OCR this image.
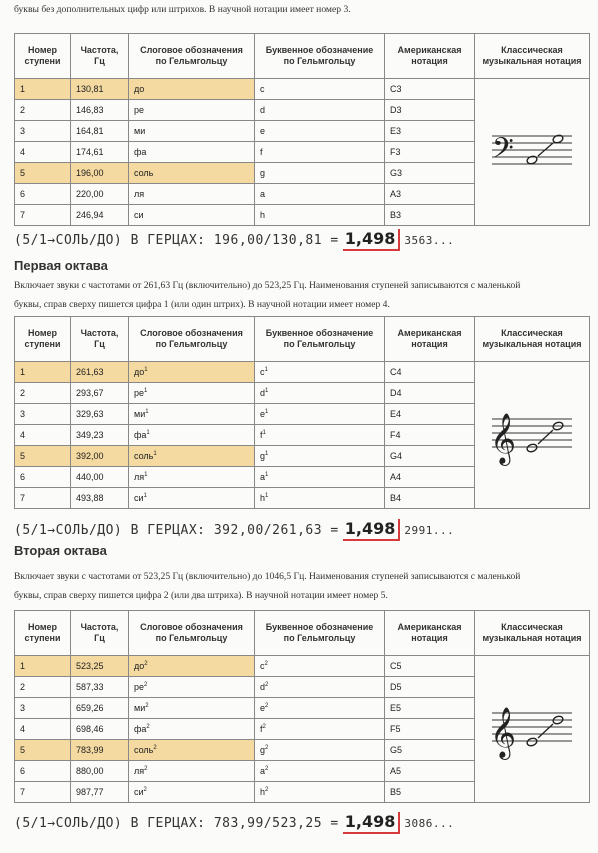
буквы без дополнительных цифр или штрихов. В научной нотации имеет номер 3.

Номер ступени	Частота, Гц	Слоговое обозначения по Гельмгольцу	Буквенное обозначение по Гельмгольцу	Американская нотация	Классическая музыкальная нотация
1	130,81	до	c	C3	𝄢

2	146,83	ре	d	D3	
3	164,81	ми	e	E3	
4	174,61	фа	f	F3	
5	196,00	соль	g	G3	
6	220,00	ля	a	A3	
7	246,94	си	h	B3	
(5/1→СОЛЬ/ДО) В ГЕРЦАХ: 196,00/130,81 = 1,498 3563...
Первая октава

Включает звуки с частотами от 261,63 Гц (включительно) до 523,25 Гц. Наименования ступеней записываются с маленькой

буквы, справ сверху пишется цифра 1 (или один штрих). В научной нотации имеет номер 4.

Номер ступени	Частота, Гц	Слоговое обозначения по Гельмгольцу	Буквенное обозначение по Гельмгольцу	Американская нотация	Классическая музыкальная нотация
1	261,63	$до^1$	$c^1$	C4	𝄞

2	293,67	$ре^1$	$d^1$	D4	
3	329,63	$ми^1$	$e^1$	E4	
4	349,23	$фа^1$	$f^1$	F4	
5	392,00	соль$^1$	$g^1$	G4	
6	440,00	$ля^1$	$a^1$	A4	
7	493,88	$си^1$	$h^1$	B4	
(5/1→СОЛЬ/ДО) В ГЕРЦАХ: 392,00/261,63 = 1,498 2991...
Вторая октава

Включает звуки с частотами от 523,25 Гц (включительно) до 1046,5 Гц. Наименования ступеней записываются с маленькой

буквы, справ сверху пишется цифра 2 (или два штриха). В научной нотации имеет номер 5.

Номер ступени	Частота, Гц	Слоговое обозначения по Гельмгольцу	Буквенное обозначение по Гельмгольцу	Американская нотация	Классическая музыкальная нотация
1	523,25	$до^2$	$c^2$	C5	𝄞

2	587,33	$ре^2$	$d^2$	D5	
3	659,26	$ми^2$	$e^2$	E5	
4	698,46	$фа^2$	$f^2$	F5	
5	783,99	соль$^2$	$g^2$	G5	
6	880,00	$ля^2$	$a^2$	A5	
7	987,77	$си^2$	$h^2$	B5	
(5/1→СОЛЬ/ДО) В ГЕРЦАХ: 783,99/523,25 = 1,498 3086...
